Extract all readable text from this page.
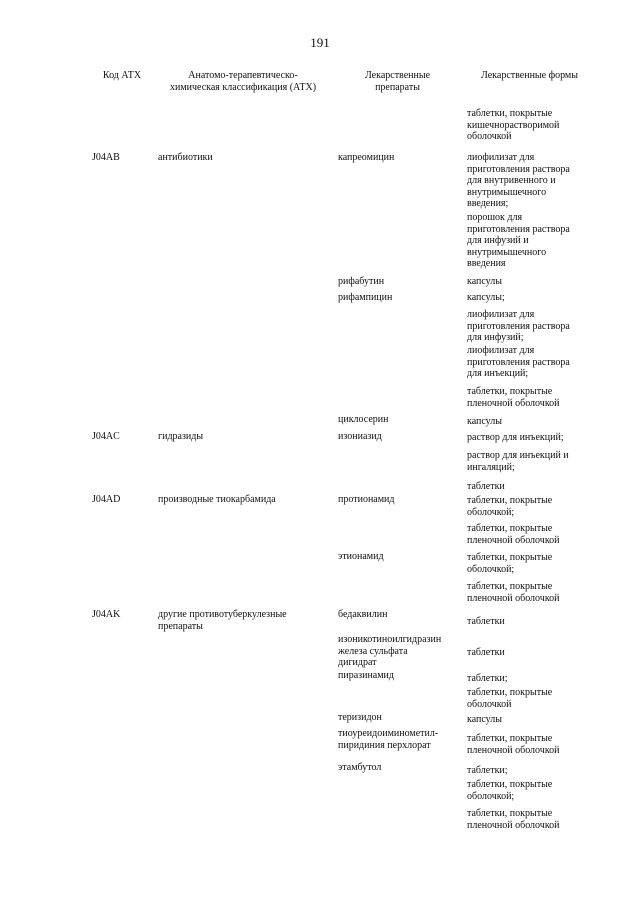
191
Код АТХ	Анатомо-терапевтическо-
химическая классификация (АТХ)
Лекарственные
препараты
Лекарственные формы
J04AB
J04AC
J04AD
J04AK
антибиотики
гидразиды
производные тиокарбамида
другие противотуберкулезные
препараты
капреомицин
рифабутин
рифампицин
циклосерин
изониазид
протионамид
этионамид
бедаквилин
изоникотиноилгидразин
железа сульфата
дигидрат
пиразинамид
теризидон
тиоуреидоиминометил-
пиридиния перхлорат
этамбутол
таблетки, покрытые
кишечнорастворимой
оболочкой
лиофилизат для
приготовления раствора
для внутривенного и
внутримышечного
введения;
порошок для
приготовления раствора
для инфузий и
внутримышечного
введения
капсулы
капсулы;
лиофилизат для
приготовления раствора
для инфузий;
лиофилизат для
приготовления раствора
для инъекций;
таблетки, покрытые
пленочной оболочкой
капсулы
раствор для инъекций;
раствор для инъекций и
ингаляций;
таблетки
таблетки, покрытые
оболочкой;
таблетки, покрытые
пленочной оболочкой
таблетки, покрытые
оболочкой;
таблетки, покрытые
пленочной оболочкой
таблетки
таблетки
таблетки;
таблетки, покрытые
оболочкой
капсулы
таблетки, покрытые
пленочной оболочкой
таблетки;
таблетки, покрытые
оболочкой;
таблетки, покрытые
пленочной оболочкой
